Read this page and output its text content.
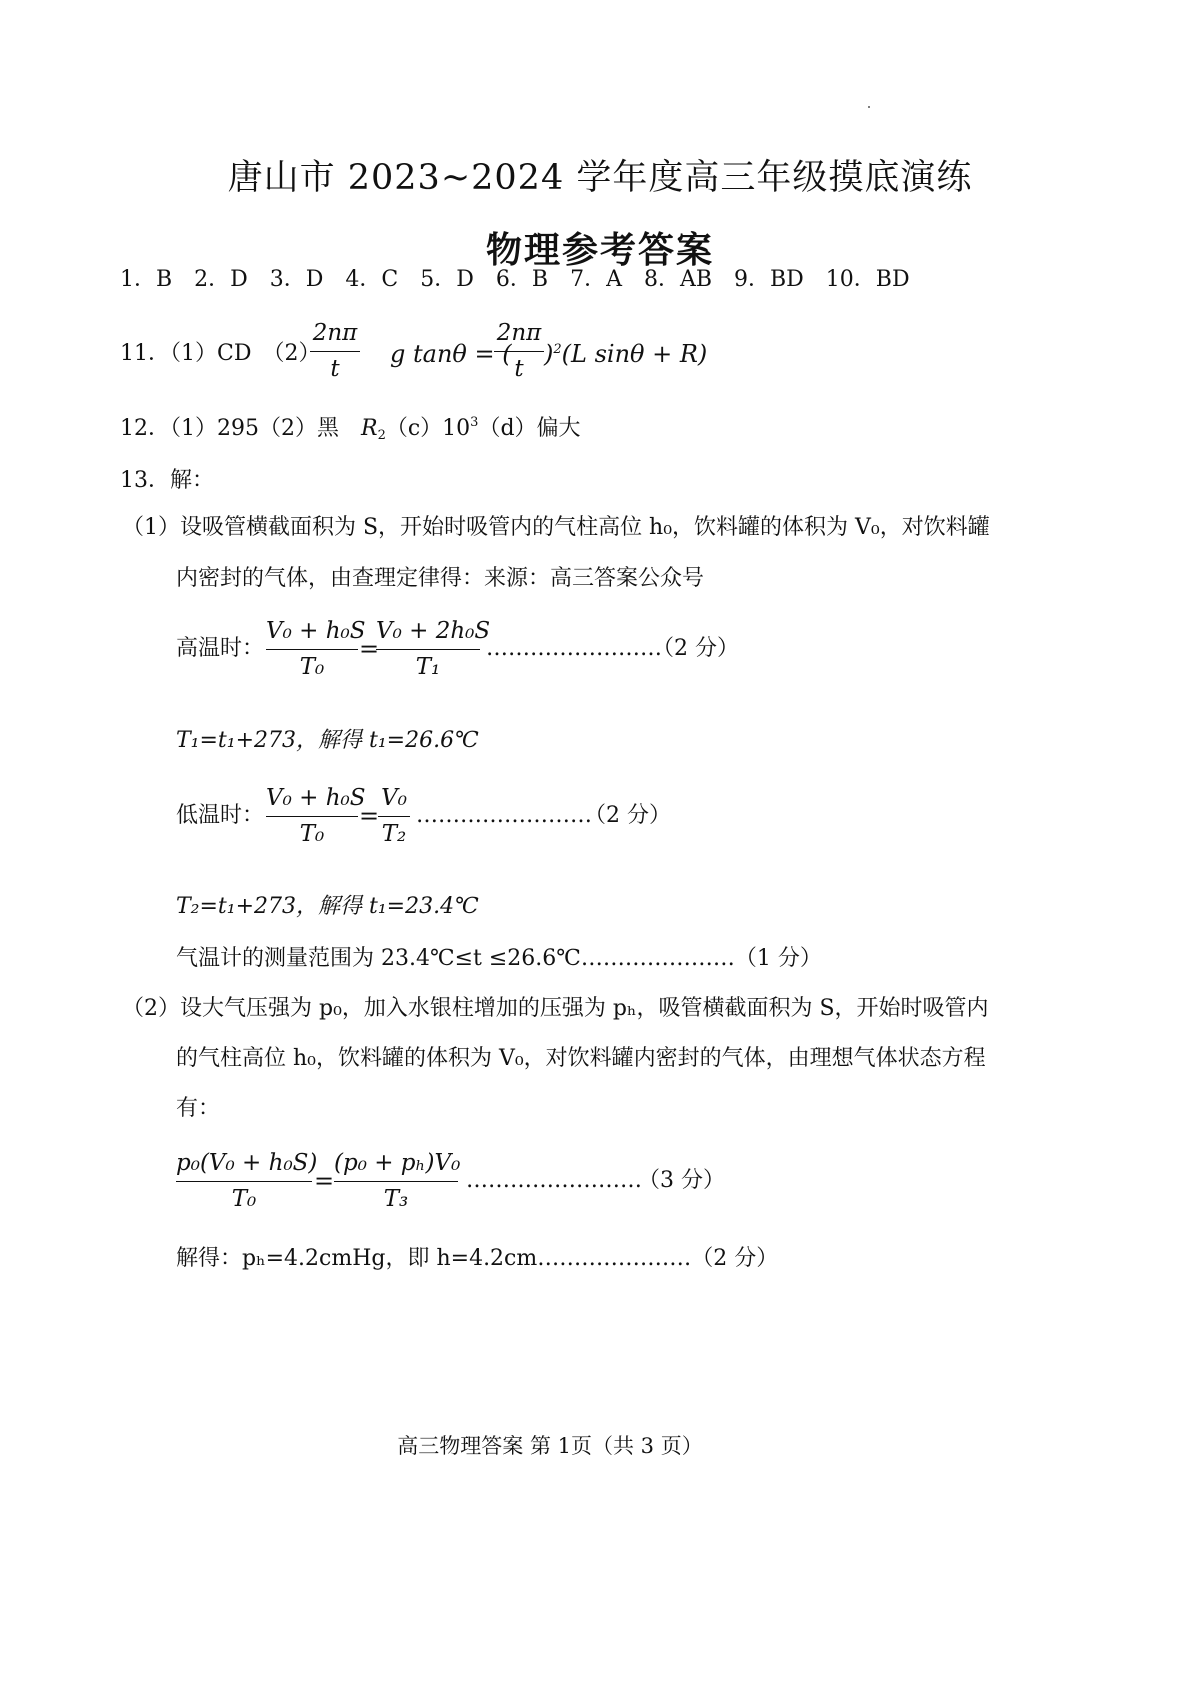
唐山市 2023~2024 学年度高三年级摸底演练
物理参考答案
1．B　2．D　3．D　4．C　5．D　6．B　7．A　8．AB　9．BD　10．BD
11．（1）CD　（2）
2nπ
t
g tanθ = (
2nπ
t
)$^2$(L sinθ + R)
12．（1）295（2）黑　$R_2(c)10^3(d)$偏大
13．解：
（1）设吸管横截面积为 S，开始时吸管内的气柱高位 h₀，饮料罐的体积为 V₀，对饮料罐
内密封的气体，由查理定律得：来源：高三答案公众号
高温时：
V₀ + h₀S
T₀
=
V₀ + 2h₀S
T₁
……………………
（2 分）
T₁=t₁+273，解得 t₁=26.6℃
低温时：
V₀ + h₀S
T₀
=
V₀
T₂
……………………
（2 分）
T₂=t₁+273，解得 t₁=23.4℃
气温计的测量范围为 23.4℃≤t ≤26.6℃…………………（1 分）
（2）设大气压强为 p₀，加入水银柱增加的压强为 pₕ，吸管横截面积为 S，开始时吸管内
的气柱高位 h₀，饮料罐的体积为 V₀，对饮料罐内密封的气体，由理想气体状态方程
有：
p₀(V₀ + h₀S)
T₀
=
(p₀ + pₕ)V₀
T₃
……………………
（3 分）
解得：pₕ=4.2cmHg，即 h=4.2cm…………………（2 分）
高三物理答案 第 1页（共 3 页）
